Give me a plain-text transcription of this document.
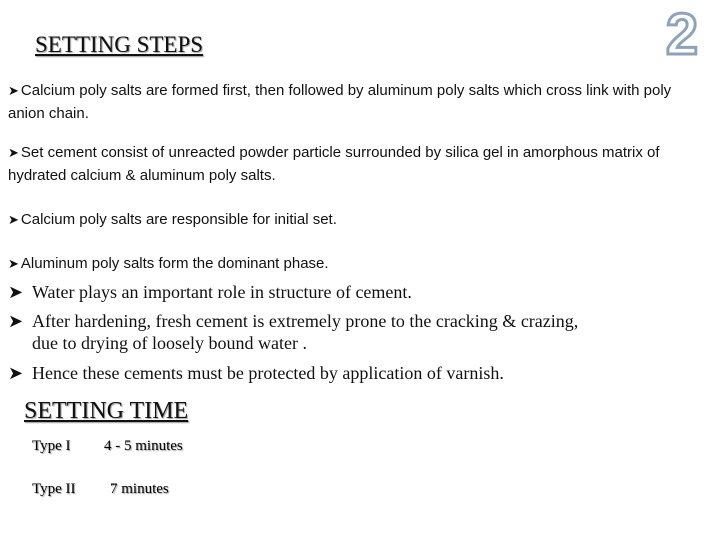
2
SETTING STEPS
➤ Calcium poly salts are formed first, then followed by aluminum poly salts which cross link with poly anion chain.
➤ Set cement consist of unreacted powder particle surrounded by silica gel in amorphous matrix of hydrated calcium & aluminum poly salts.
➤ Calcium poly salts are responsible for initial set.
➤ Aluminum poly salts form the dominant phase.
➤ Water plays an important role in structure of cement.
➤ After hardening, fresh cement is extremely prone to the cracking & crazing, due to drying of loosely bound water .
➤ Hence these cements must be protected by application of varnish.
SETTING TIME
Type I 4 - 5 minutes
Type II 7 minutes
